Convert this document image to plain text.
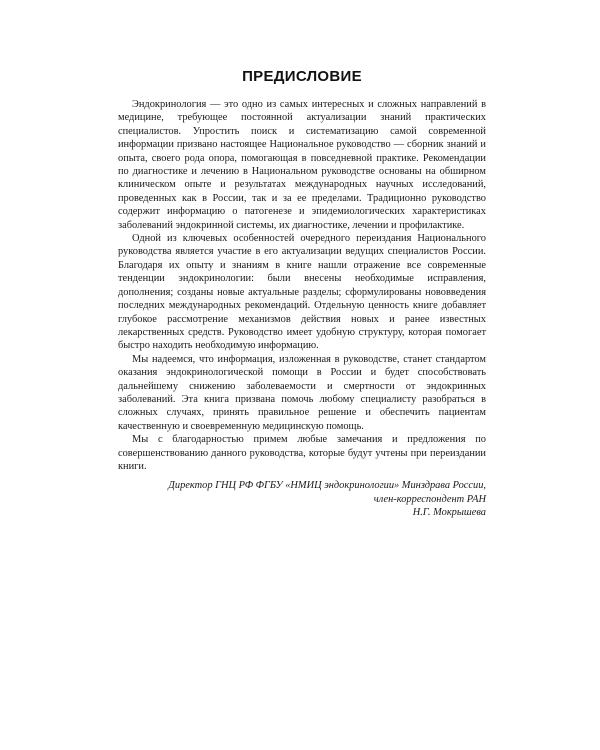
ПРЕДИСЛОВИЕ

Эндокринология — это одно из самых интересных и сложных направлений в медицине, требующее постоянной актуализации знаний практических специалистов. Упростить поиск и систематизацию самой современной информации призвано настоящее Национальное руководство — сборник знаний и опыта, своего рода опора, помогающая в повседневной практике. Рекомендации по диагностике и лечению в Национальном руководстве основаны на обширном клиническом опыте и результатах международных научных исследований, проведенных как в России, так и за ее пределами. Традиционно руководство содержит информацию о патогенезе и эпидемиологических характеристиках заболеваний эндокринной системы, их диагностике, лечении и профилактике.

Одной из ключевых особенностей очередного переиздания Национального руководства является участие в его актуализации ведущих специалистов России. Благодаря их опыту и знаниям в книге нашли отражение все современные тенденции эндокринологии: были внесены необходимые исправления, дополнения; созданы новые актуальные разделы; сформулированы нововведения последних международных рекомендаций. Отдельную ценность книге добавляет глубокое рассмотрение механизмов действия новых и ранее известных лекарственных средств. Руководство имеет удобную структуру, которая помогает быстро находить необходимую информацию.

Мы надеемся, что информация, изложенная в руководстве, станет стандартом оказания эндокринологической помощи в России и будет способствовать дальнейшему снижению заболеваемости и смертности от эндокринных заболеваний. Эта книга призвана помочь любому специалисту разобраться в сложных случаях, принять правильное решение и обеспечить пациентам качественную и своевременную медицинскую помощь.

Мы с благодарностью примем любые замечания и предложения по совершенствованию данного руководства, которые будут учтены при переиздании книги.

Директор ГНЦ РФ ФГБУ «НМИЦ эндокринологии» Минздрава России,
член-корреспондент РАН
Н.Г. Мокрышева
